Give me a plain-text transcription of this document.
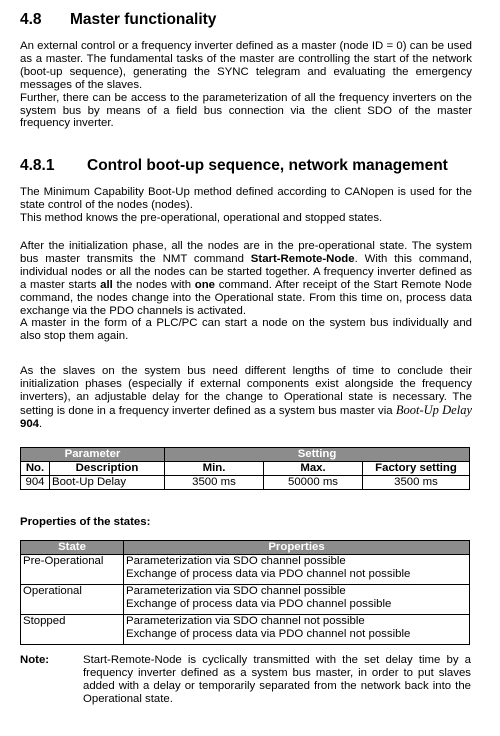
4.8 Master functionality

An external control or a frequency inverter defined as a master (node ID = 0) can be used as a master. The fundamental tasks of the master are controlling the start of the network (boot-up sequence), generating the SYNC telegram and evaluating the emergency messages of the slaves.

Further, there can be access to the parameterization of all the frequency inverters on the system bus by means of a field bus connection via the client SDO of the master frequency inverter.

4.8.1 Control boot-up sequence, network management

The Minimum Capability Boot-Up method defined according to CANopen is used for the state control of the nodes (nodes).

This method knows the pre-operational, operational and stopped states.

After the initialization phase, all the nodes are in the pre-operational state. The system bus master transmits the NMT command Start-Remote-Node. With this command, individual nodes or all the nodes can be started together. A frequency inverter defined as a master starts all the nodes with one command. After receipt of the Start Remote Node command, the nodes change into the Operational state. From this time on, process data exchange via the PDO channels is activated.

A master in the form of a PLC/PC can start a node on the system bus individually and also stop them again.

As the slaves on the system bus need different lengths of time to conclude their initialization phases (especially if external components exist alongside the frequency inverters), an adjustable delay for the change to Operational state is necessary. The setting is done in a frequency inverter defined as a system bus master via Boot-Up Delay 904.

Parameter		Setting		
No.	Description	Min.	Max.	Factory setting
904	Boot-Up Delay	3500 ms	50000 ms	3500 ms
Properties of the states:
State	Properties
Pre-Operational	Parameterization via SDO channel possible
	Exchange of process data via PDO channel not possible

Operational	Parameterization via SDO channel possible
	Exchange of process data via PDO channel possible

Stopped	Parameterization via SDO channel not possible
	Exchange of process data via PDO channel not possible

Note:	Start-Remote-Node is cyclically transmitted with the set delay time by a frequency inverter defined as a system bus master, in order to put slaves added with a delay or temporarily separated from the network back into the Operational state.
